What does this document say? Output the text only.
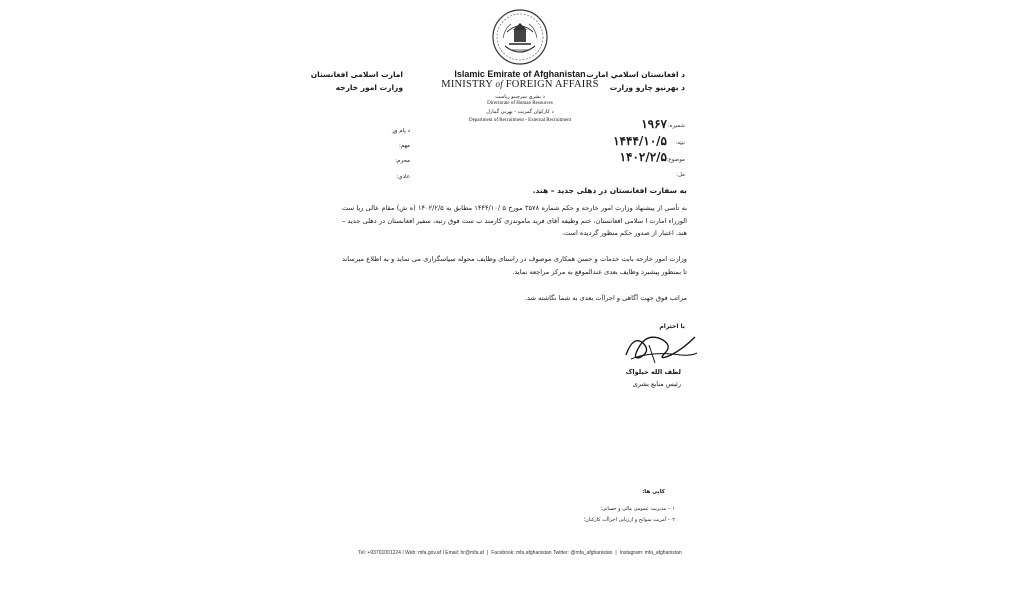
Islamic Emirate of Afghanistan
MINISTRY of FOREIGN AFFAIRS
د بشري سرچینو ریاست
Directorate of Human Resources
د کارکوان گمرنت - بهرنی گمارل
Department of Recruitment - External Recruitment
امارت اسلامی افغانستان
وزارت امور خارجه
د افغانستان اسلامي امارت
د بهرنیو چارو وزارت
شمیره:
۱۹۶۷
نیټه:
۱۴۴۴/۱۰/۵
موضوع:
۱۴۰۲/۲/۵
مل:
د پام وړ
مهم:
محرم:
عادي:
به سفارت افغانستان در دهلی جدید – هند.
به تأسی از پیشنهاد وزارت امور خارجه و حکم شماره ۳۵۷۸ مورخ ۵ /۱۴۴۴/۱۰ مطابق به ۱۴۰۲/۲/۵ (ه ش) مقام عالی ریا ست الوزراء امارت ا سلامی افغانستان، ختم وظیفه آقای فرید ماموندزی کارمند ب ست فوق رتبه، سفیر افغانستان در دهلی جدید – هند، اعتبار از صدور حکم منظور گردیده است.
وزارت امور خارجه بابت خدمات و حسن همکاری موصوف در راستای وظایف محوله سپاسگزاری می نماید و به اطلاع میرساند تا بمنظور پیشبرد وظایف بعدی عندالموقع به مرکز مراجعه نماید.
مراتب فوق جهت آگاهی و اجراآت بعدی به شما نگاشته شد.
با احترام
لطف الله خیلواک
رئیس منابع بشری
کاپی ها:
۰۱- مدیریت عمومی مالی و حسابی؛
۰۲- آمریت سوانح و ارزیابی اجراآت کارکنان؛
Tel: +93701001224 I Web: mfa.gov.af I Email: hr@mfa.af | Facebook: mfa.afghanistan Twitter: @mfa_afghanistan | Instagram: mfa_afghanistan
